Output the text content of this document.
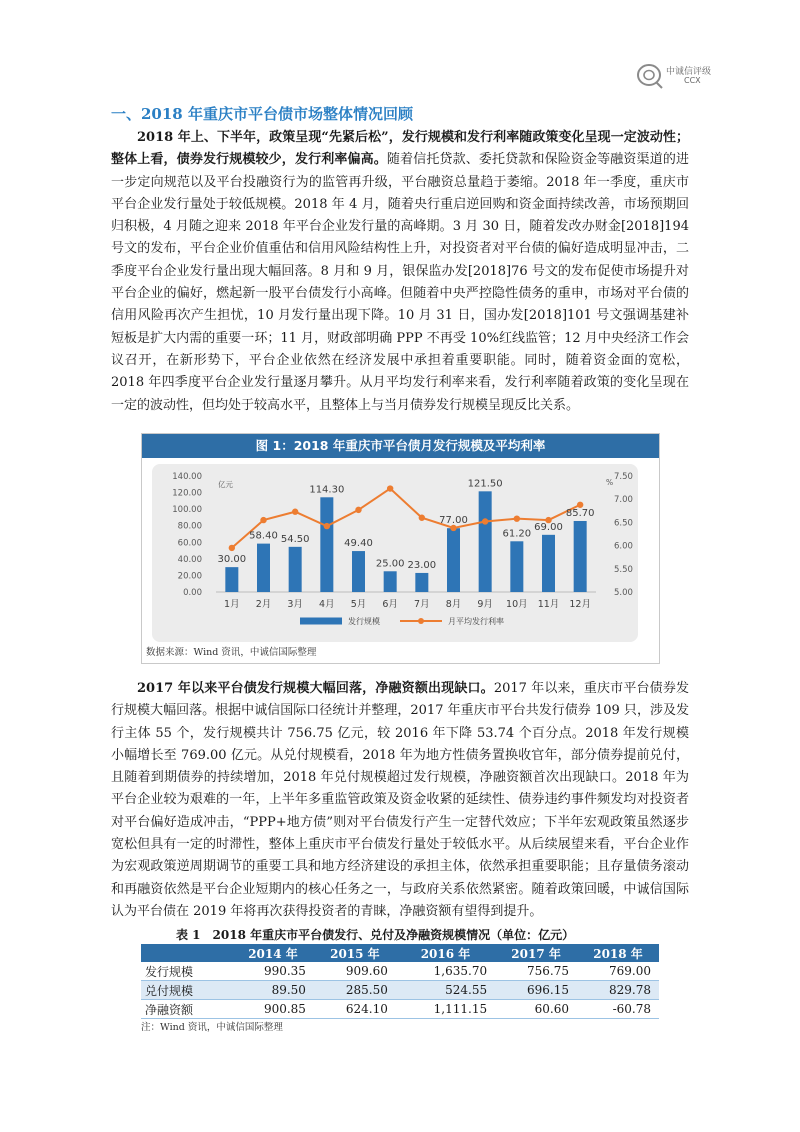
中诚信评级
CCX
一、2018 年重庆市平台债市场整体情况回顾

2018 年上、下半年，政策呈现“先紧后松”，发行规模和发行利率随政策变化呈现一定波动性；整体上看，债券发行规模较少，发行利率偏高。随着信托贷款、委托贷款和保险资金等融资渠道的进一步定向规范以及平台投融资行为的监管再升级，平台融资总量趋于萎缩。2018 年一季度，重庆市平台企业发行量处于较低规模。2018 年 4 月，随着央行重启逆回购和资金面持续改善，市场预期回归积极，4 月随之迎来 2018 年平台企业发行量的高峰期。3 月 30 日，随着发改办财金[2018]194 号文的发布，平台企业价值重估和信用风险结构性上升，对投资者对平台债的偏好造成明显冲击，二季度平台企业发行量出现大幅回落。8 月和 9 月，银保监办发[2018]76 号文的发布促使市场提升对平台企业的偏好，燃起新一股平台债发行小高峰。但随着中央严控隐性债务的重申，市场对平台债的信用风险再次产生担忧，10 月发行量出现下降。10 月 31 日，国办发[2018]101 号文强调基建补短板是扩大内需的重要一环；11 月，财政部明确 PPP 不再受 10%红线监管；12 月中央经济工作会议召开，在新形势下，平台企业依然在经济发展中承担着重要职能。同时，随着资金面的宽松，2018 年四季度平台企业发行量逐月攀升。从月平均发行利率来看，发行利率随着政策的变化呈现在一定的波动性，但均处于较高水平，且整体上与当月债券发行规模呈现反比关系。

图 1：2018 年重庆市平台债月发行规模及平均利率
0.00
20.00
40.00
60.00
80.00
100.00
120.00
140.00
5.00
5.50
6.00
6.50
7.00
7.50
亿元	%
30.00
58.40 54.50
114.30
49.40
25.00 23.00
77.00
121.50
61.20
69.00
85.70
1月 2月 3月 4月 5月 6月 7月 8月 9月 10月 11月 12月
发行规模	月平均发行利率
数据来源：Wind 资讯，中诚信国际整理

2017 年以来平台债发行规模大幅回落，净融资额出现缺口。2017 年以来，重庆市平台债券发行规模大幅回落。根据中诚信国际口径统计并整理，2017 年重庆市平台共发行债券 109 只，涉及发行主体 55 个，发行规模共计 756.75 亿元，较 2016 年下降 53.74 个百分点。2018 年发行规模小幅增长至 769.00 亿元。从兑付规模看，2018 年为地方性债务置换收官年，部分债券提前兑付，且随着到期债券的持续增加，2018 年兑付规模超过发行规模，净融资额首次出现缺口。2018 年为平台企业较为艰难的一年，上半年多重监管政策及资金收紧的延续性、债券违约事件频发均对投资者对平台偏好造成冲击，“PPP+地方债”则对平台债发行产生一定替代效应；下半年宏观政策虽然逐步宽松但具有一定的时滞性，整体上重庆市平台债发行量处于较低水平。从后续展望来看，平台企业作为宏观政策逆周期调节的重要工具和地方经济建设的承担主体，依然承担重要职能；且存量债务滚动和再融资依然是平台企业短期内的核心任务之一，与政府关系依然紧密。随着政策回暖，中诚信国际认为平台债在 2019 年将再次获得投资者的青睐，净融资额有望得到提升。

表 1　2018 年重庆市平台债发行、兑付及净融资规模情况（单位：亿元）
	2014 年	2015 年	2016 年	2017 年	2018 年
发行规模	990.35	909.60	1,635.70	756.75	769.00
兑付规模	89.50	285.50	524.55	696.15	829.78
净融资额	900.85	624.10	1,111.15	60.60	-60.78
注：Wind 资讯，中诚信国际整理
